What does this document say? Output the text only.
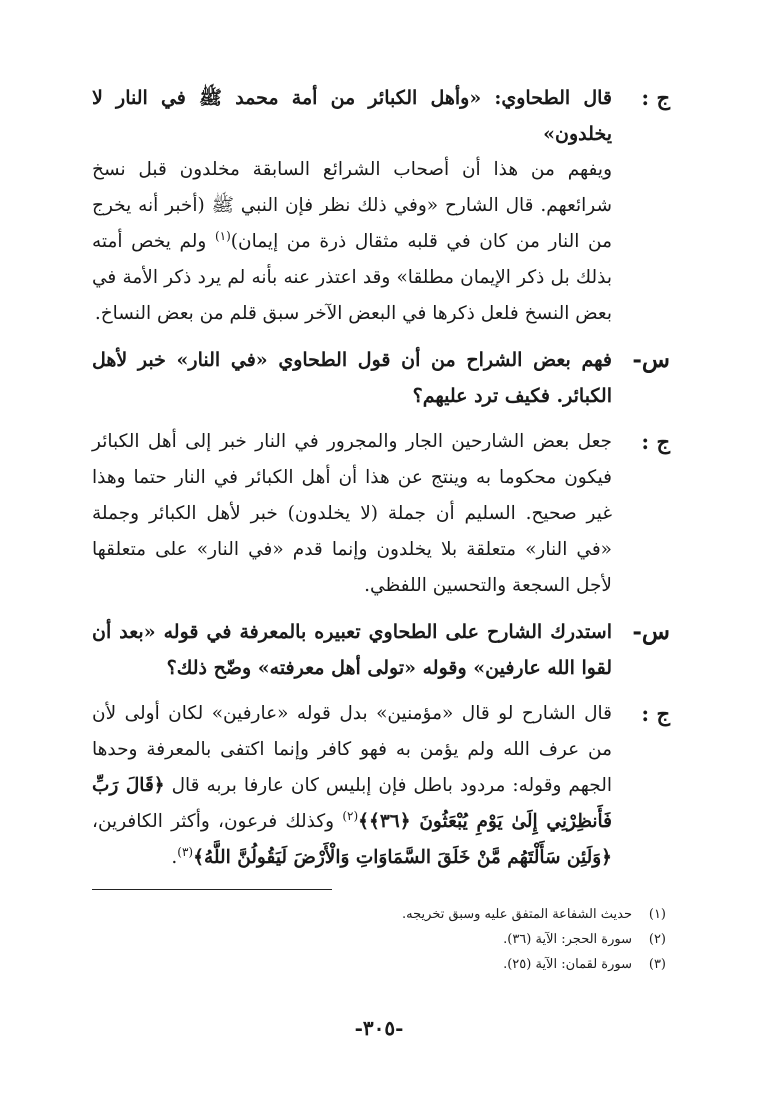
ج :
قال الطحاوي: «وأهل الكبائر من أمة محمد ﷺ في النار لا يخلدون»
ويفهم من هذا أن أصحاب الشرائع السابقة مخلدون قبل نسخ شرائعهم. قال الشارح «وفي ذلك نظر فإن النبي ﷺ (أخبر أنه يخرج من النار من كان في قلبه مثقال ذرة من إيمان)$^{(١)}$ ولم يخص أمته بذلك بل ذكر الإيمان مطلقا» وقد اعتذر عنه بأنه لم يرد ذكر الأمة في بعض النسخ فلعل ذكرها في البعض الآخر سبق قلم من بعض النساخ.
س-
فهم بعض الشراح من أن قول الطحاوي «في النار» خبر لأهل الكبائر. فكيف ترد عليهم؟
ج :
جعل بعض الشارحين الجار والمجرور في النار خبر إلى أهل الكبائر فيكون محكوما به وينتج عن هذا أن أهل الكبائر في النار حتما وهذا غير صحيح. السليم أن جملة (لا يخلدون) خبر لأهل الكبائر وجملة «في النار» متعلقة بلا يخلدون وإنما قدم «في النار» على متعلقها لأجل السجعة والتحسين اللفظي.
س-
استدرك الشارح على الطحاوي تعبيره بالمعرفة في قوله «بعد أن لقوا الله عارفين» وقوله «تولى أهل معرفته» وضّح ذلك؟
ج :
قال الشارح لو قال «مؤمنين» بدل قوله «عارفين» لكان أولى لأن من عرف الله ولم يؤمن به فهو كافر وإنما اكتفى بالمعرفة وحدها الجهم وقوله: مردود باطل فإن إبليس كان عارفا بربه قال ﴿قَالَ رَبِّ فَأَنظِرْنِي إِلَىٰ يَوْمِ يُبْعَثُونَ ﴿٣٦﴾﴾$^{(٢)}$ وكذلك فرعون، وأكثر الكافرين، ﴿وَلَئِن سَأَلْتَهُم مَّنْ خَلَقَ السَّمَاوَاتِ وَالْأَرْضَ لَيَقُولُنَّ اللَّهُ﴾$^{(٣)}$.
(١)
حديث الشفاعة المتفق عليه وسبق تخريجه.
(٢)
سورة الحجر: الآية (٣٦).
(٣)
سورة لقمان: الآية (٢٥).
-٣٠٥-
